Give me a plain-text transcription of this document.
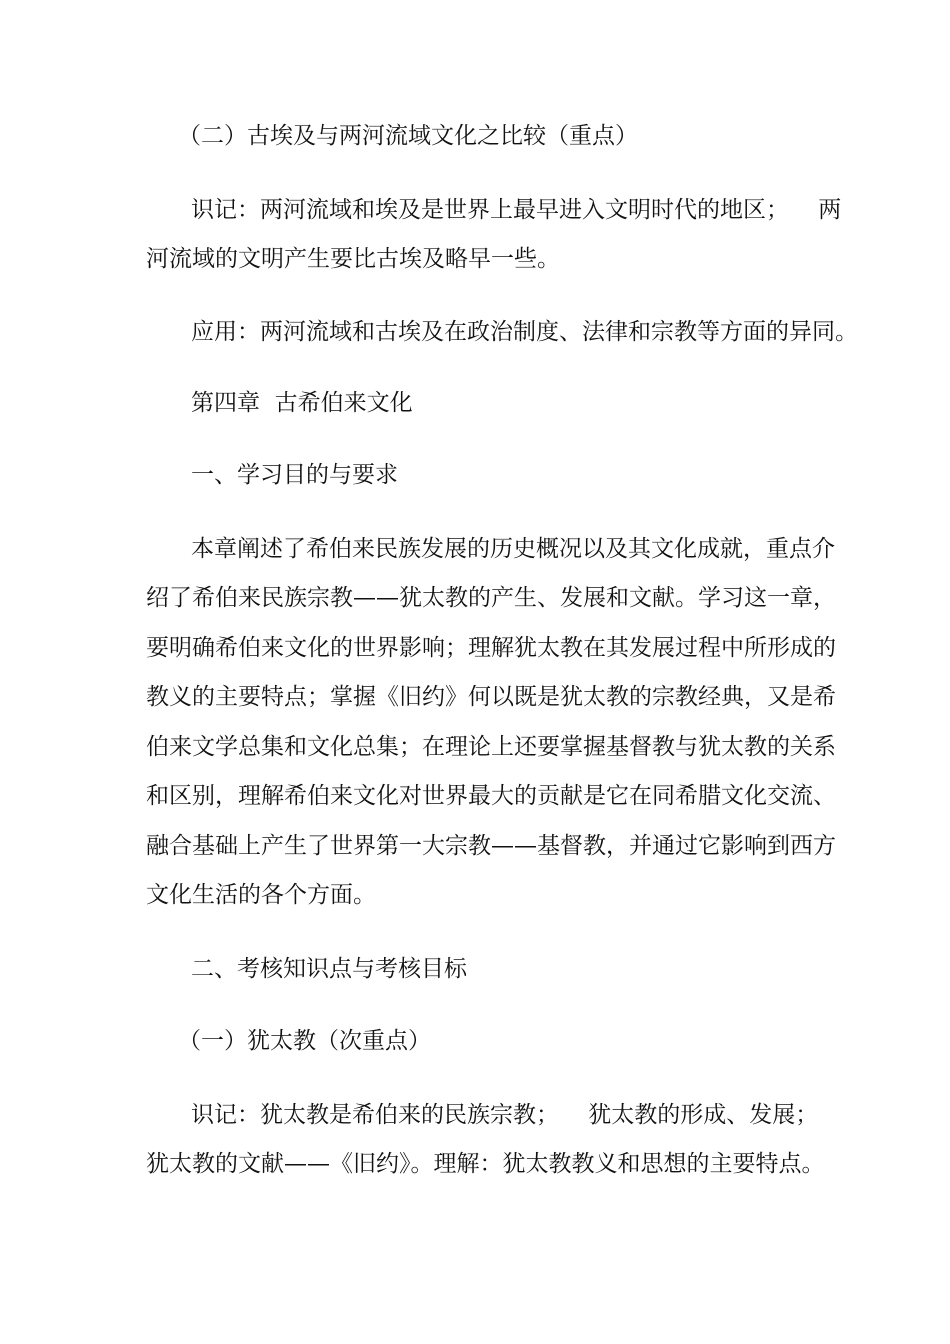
（二）古埃及与两河流域文化之比较（重点）
识记：两河流域和埃及是世界上最早进入文明时代的地区；    两
河流域的文明产生要比古埃及略早一些。
应用：两河流域和古埃及在政治制度、法律和宗教等方面的异同。
第四章  古希伯来文化
一、学习目的与要求
本章阐述了希伯来民族发展的历史概况以及其文化成就，重点介
绍了希伯来民族宗教——犹太教的产生、发展和文献。学习这一章，
要明确希伯来文化的世界影响；理解犹太教在其发展过程中所形成的
教义的主要特点；掌握《旧约》何以既是犹太教的宗教经典，又是希
伯来文学总集和文化总集；在理论上还要掌握基督教与犹太教的关系
和区别，理解希伯来文化对世界最大的贡献是它在同希腊文化交流、
融合基础上产生了世界第一大宗教——基督教，并通过它影响到西方
文化生活的各个方面。
二、考核知识点与考核目标
（一）犹太教（次重点）
识记：犹太教是希伯来的民族宗教；    犹太教的形成、发展；
犹太教的文献——《旧约》。理解：犹太教教义和思想的主要特点。
